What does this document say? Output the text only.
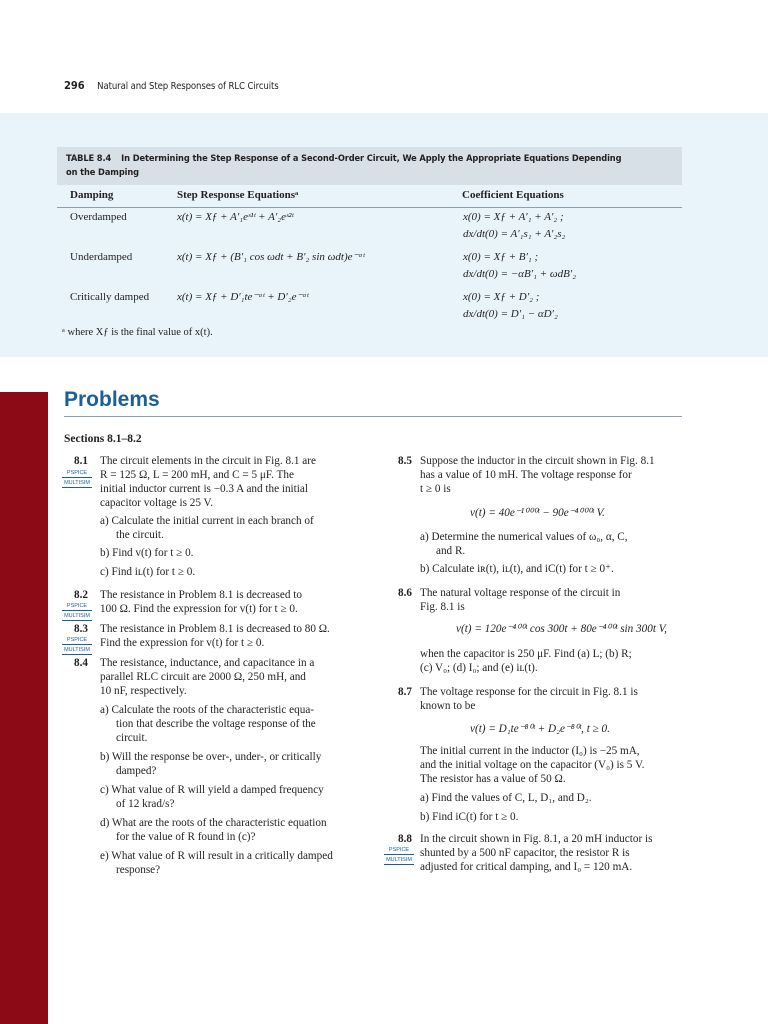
296 Natural and Step Responses of RLC Circuits
TABLE 8.4 In Determining the Step Response of a Second-Order Circuit, We Apply the Appropriate Equations Depending
on the Damping
Damping	Step Response Equationsᵃ	Coefficient Equations
Overdamped	x(t) = Xƒ + A′₁eˢ¹ᵗ + A′₂eˢ²ᵗ	x(0) = Xƒ + A′₁ + A′₂ ;
dx/dt(0) = A′₁s₁ + A′₂s₂
Underdamped	x(t) = Xƒ + (B′₁ cos ωdt + B′₂ sin ωdt)e⁻ᵅᵗ	x(0) = Xƒ + B′₁ ;
dx/dt(0) = −αB′₁ + ωdB′₂
Critically damped	x(t) = Xƒ + D′₁te⁻ᵅᵗ + D′₂e⁻ᵅᵗ	x(0) = Xƒ + D′₂ ;
dx/dt(0) = D′₁ − αD′₂
ᵃ where Xƒ is the final value of x(t).
Problems
Sections 8.1–8.2
8.1
PSPICE
MULTISIM
The circuit elements in the circuit in Fig. 8.1 are
R = 125 Ω, L = 200 mH, and C = 5 μF. The
initial inductor current is −0.3 A and the initial
capacitor voltage is 25 V.
a) Calculate the initial current in each branch of
the circuit.
b) Find v(t) for t ≥ 0.
c) Find iʟ(t) for t ≥ 0.
8.2
PSPICE
MULTISIM
The resistance in Problem 8.1 is decreased to
100 Ω. Find the expression for v(t) for t ≥ 0.
8.3
PSPICE
MULTISIM
The resistance in Problem 8.1 is decreased to 80 Ω.
Find the expression for v(t) for t ≥ 0.
8.4 The resistance, inductance, and capacitance in a
parallel RLC circuit are 2000 Ω, 250 mH, and
10 nF, respectively.
a) Calculate the roots of the characteristic equa-
tion that describe the voltage response of the
circuit.
b) Will the response be over-, under-, or critically
damped?
c) What value of R will yield a damped frequency
of 12 krad/s?
d) What are the roots of the characteristic equation
for the value of R found in (c)?
e) What value of R will result in a critically damped
response?
8.5 Suppose the inductor in the circuit shown in Fig. 8.1
has a value of 10 mH. The voltage response for
t ≥ 0 is
v(t) = 40e⁻¹⁰⁰⁰ᵗ − 90e⁻⁴⁰⁰⁰ᵗ V.
a) Determine the numerical values of ω₀, α, C,
and R.
b) Calculate iʀ(t), iʟ(t), and iC(t) for t ≥ 0⁺.
8.6 The natural voltage response of the circuit in
Fig. 8.1 is
v(t) = 120e⁻⁴⁰⁰ᵗ cos 300t + 80e⁻⁴⁰⁰ᵗ sin 300t V,
when the capacitor is 250 μF. Find (a) L; (b) R;
(c) V₀; (d) I₀; and (e) iʟ(t).
8.7 The voltage response for the circuit in Fig. 8.1 is
known to be
v(t) = D₁te⁻⁸⁰ᵗ + D₂e⁻⁸⁰ᵗ, t ≥ 0.
The initial current in the inductor (I₀) is −25 mA,
and the initial voltage on the capacitor (V₀) is 5 V.
The resistor has a value of 50 Ω.
a) Find the values of C, L, D₁, and D₂.
b) Find iC(t) for t ≥ 0.
8.8
PSPICE
MULTISIM
In the circuit shown in Fig. 8.1, a 20 mH inductor is
shunted by a 500 nF capacitor, the resistor R is
adjusted for critical damping, and I₀ = 120 mA.
